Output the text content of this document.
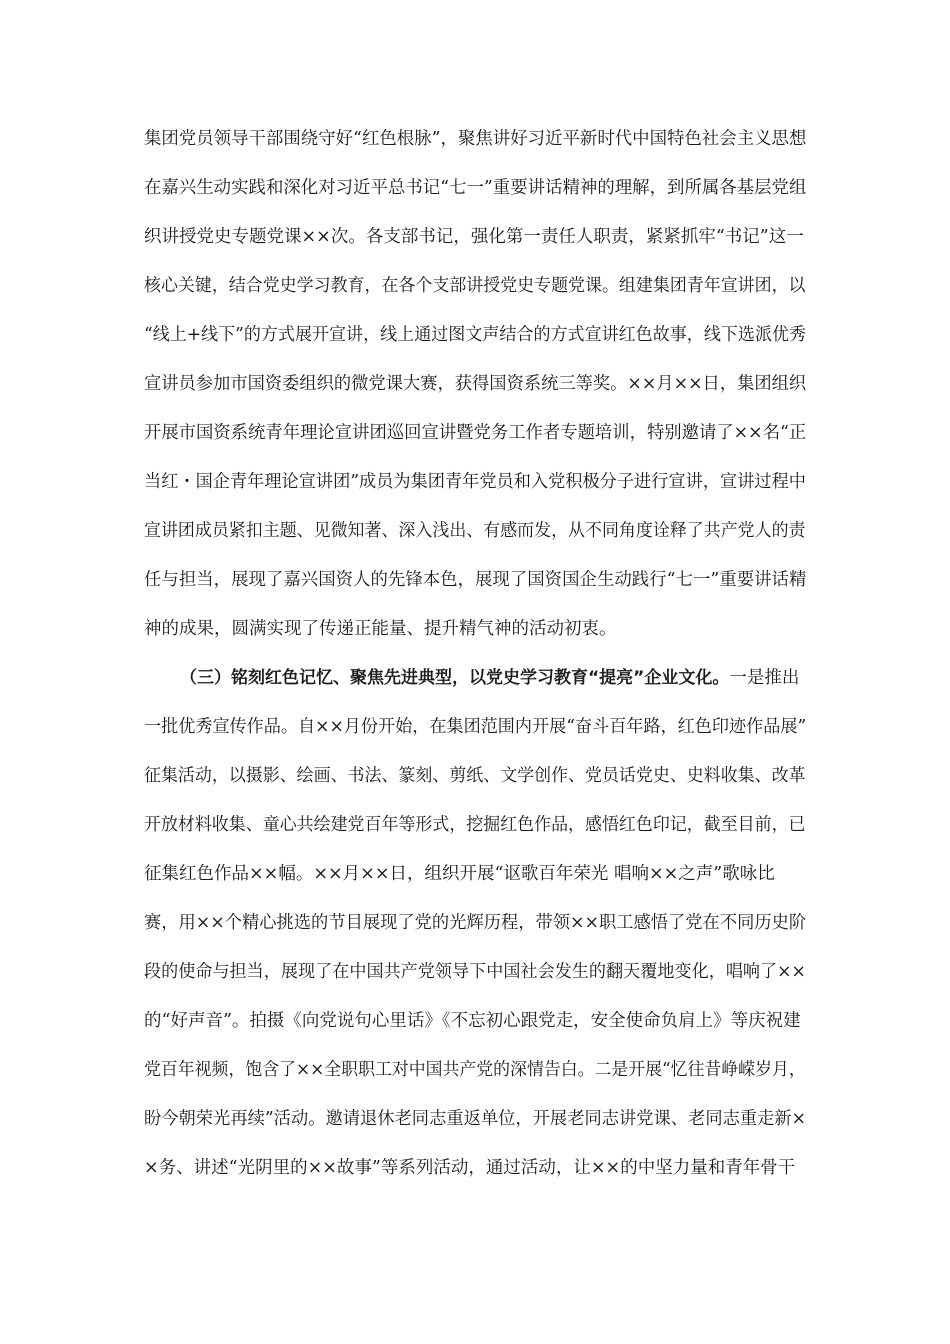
集团党员领导干部围绕守好“红色根脉”，聚焦讲好习近平新时代中国特色社会主义思想
在嘉兴生动实践和深化对习近平总书记“七一”重要讲话精神的理解，到所属各基层党组
织讲授党史专题党课××次。各支部书记，强化第一责任人职责，紧紧抓牢“书记”这一
核心关键，结合党史学习教育，在各个支部讲授党史专题党课。组建集团青年宣讲团，以
“线上+线下”的方式展开宣讲，线上通过图文声结合的方式宣讲红色故事，线下选派优秀
宣讲员参加市国资委组织的微党课大赛，获得国资系统三等奖。××月××日，集团组织
开展市国资系统青年理论宣讲团巡回宣讲暨党务工作者专题培训，特别邀请了××名“正
当红・国企青年理论宣讲团”成员为集团青年党员和入党积极分子进行宣讲，宣讲过程中
宣讲团成员紧扣主题、见微知著、深入浅出、有感而发，从不同角度诠释了共产党人的责
任与担当，展现了嘉兴国资人的先锋本色，展现了国资国企生动践行“七一”重要讲话精
神的成果，圆满实现了传递正能量、提升精气神的活动初衷。
（三）铭刻红色记忆、聚焦先进典型，以党史学习教育“提亮”企业文化。一是推出
一批优秀宣传作品。自××月份开始，在集团范围内开展“奋斗百年路，红色印迹作品展”
征集活动，以摄影、绘画、书法、篆刻、剪纸、文学创作、党员话党史、史料收集、改革
开放材料收集、童心共绘建党百年等形式，挖掘红色作品，感悟红色印记，截至目前，已
征集红色作品××幅。××月××日，组织开展“讴歌百年荣光 唱响××之声”歌咏比
赛，用××个精心挑选的节目展现了党的光辉历程，带领××职工感悟了党在不同历史阶
段的使命与担当，展现了在中国共产党领导下中国社会发生的翻天覆地变化，唱响了××
的“好声音”。拍摄《向党说句心里话》《不忘初心跟党走，安全使命负肩上》等庆祝建
党百年视频，饱含了××全职职工对中国共产党的深情告白。二是开展“忆往昔峥嵘岁月，
盼今朝荣光再续”活动。邀请退休老同志重返单位，开展老同志讲党课、老同志重走新×
×务、讲述“光阴里的××故事”等系列活动，通过活动，让××的中坚力量和青年骨干
